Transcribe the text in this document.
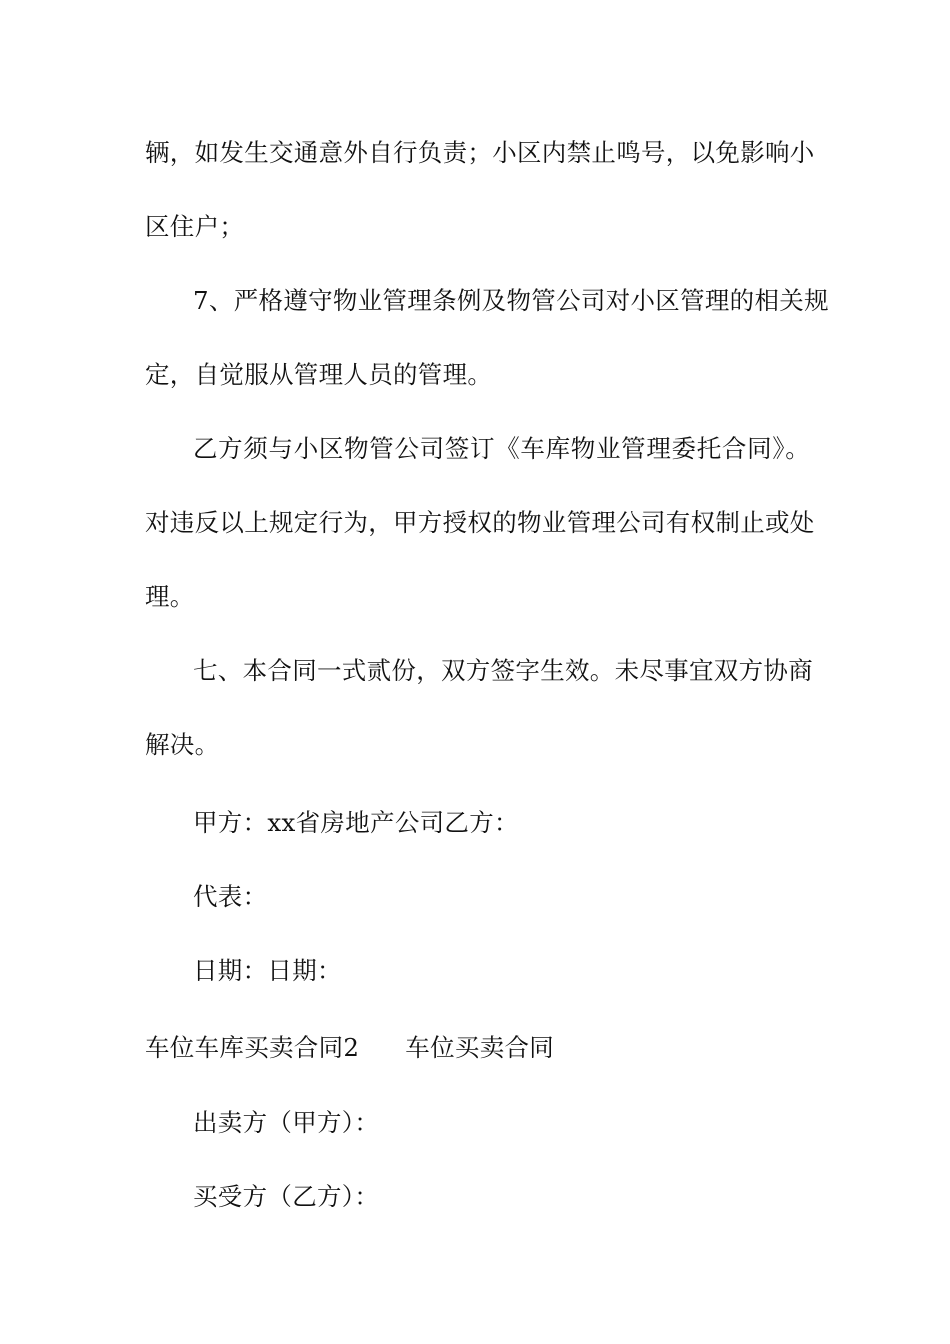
辆，如发生交通意外自行负责；小区内禁止鸣号，以免影响小
区住户；
7、严格遵守物业管理条例及物管公司对小区管理的相关规
定，自觉服从管理人员的管理。
乙方须与小区物管公司签订《车库物业管理委托合同》。
对违反以上规定行为，甲方授权的物业管理公司有权制止或处
理。
七、本合同一式贰份，双方签字生效。未尽事宜双方协商
解决。
甲方：xx省房地产公司乙方：
代表：
日期：日期：
车位车库买卖合同2 车位买卖合同
出卖方（甲方）：
买受方（乙方）：
